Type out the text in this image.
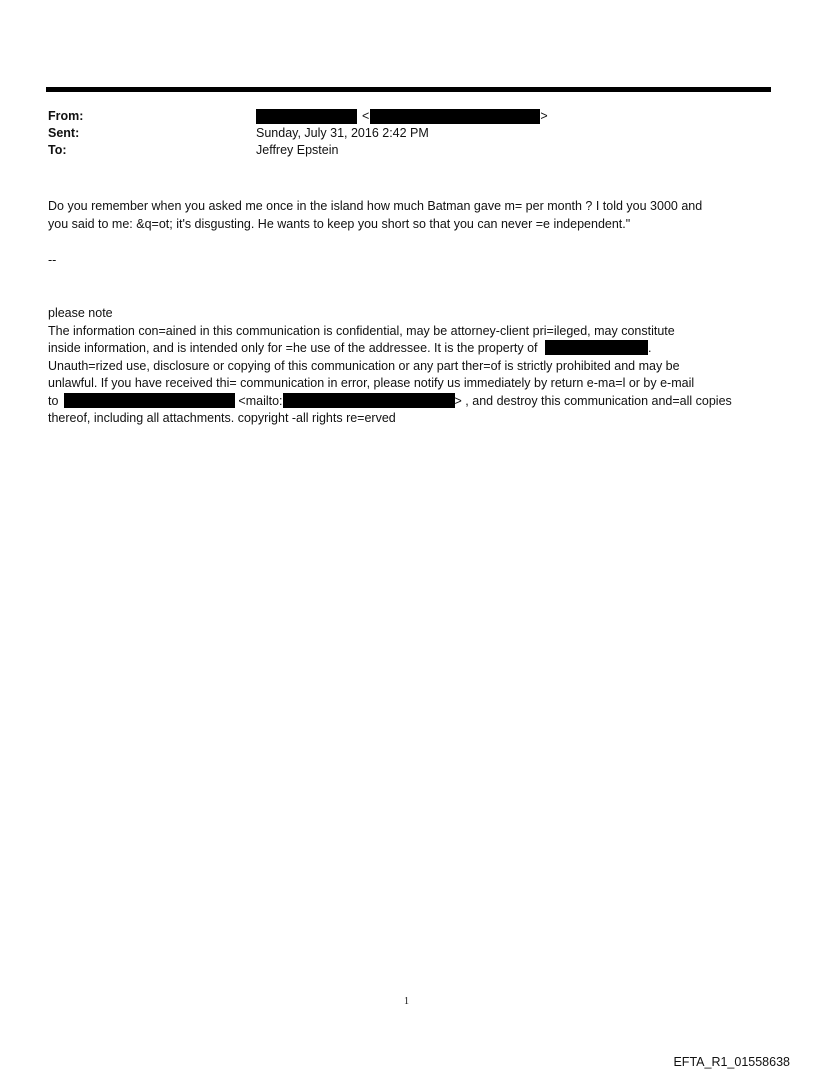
From:	<	>
Sent:	Sunday, July 31, 2016 2:42 PM
To:	Jeffrey Epstein
Do you remember when you asked me once in the island how much Batman gave m= per month ? I told you 3000 and
you said to me: &q=ot; it's disgusting. He wants to keep you short so that you can never =e independent."
--
please note
The information con=ained in this communication is confidential, may be attorney-client pri=ileged, may constitute
inside information, and is intended only for =he use of the addressee. It is the property of	.
Unauth=rized use, disclosure or copying of this communication or any part ther=of is strictly prohibited and may be
unlawful. If you have received thi= communication in error, please notify us immediately by return e-ma=l or by e-mail
to	<mailto:	> , and destroy this communication and=all copies
thereof, including all attachments. copyright -all rights re=erved
1
EFTA_R1_01558638
